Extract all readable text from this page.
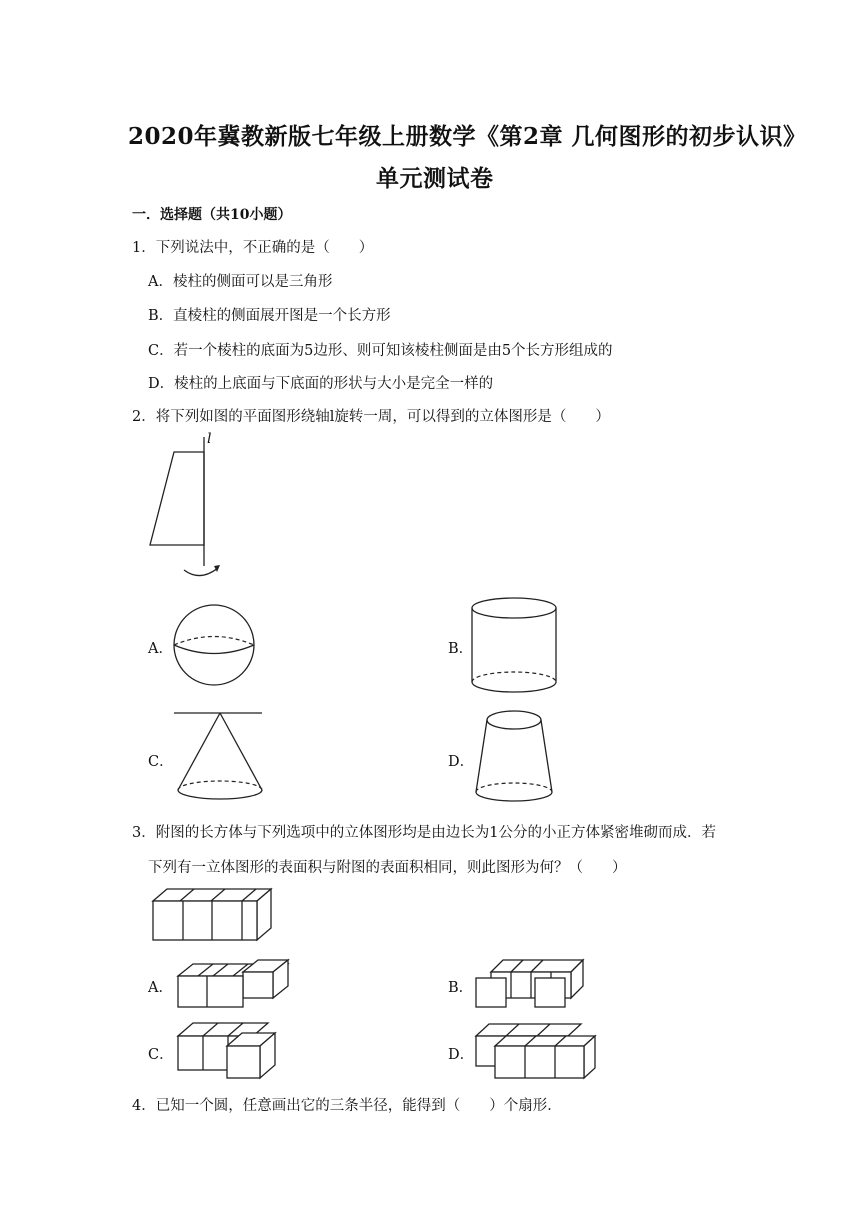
2020年冀教新版七年级上册数学《第2章 几何图形的初步认识》
单元测试卷
一．选择题（共10小题）
1．下列说法中，不正确的是（　　）
A．棱柱的侧面可以是三角形
B．直棱柱的侧面展开图是一个长方形
C．若一个棱柱的底面为5边形、则可知该棱柱侧面是由5个长方形组成的
D．棱柱的上底面与下底面的形状与大小是完全一样的
2．将下列如图的平面图形绕轴l旋转一周，可以得到的立体图形是（　　）
l
A．	B．
C．	D．
3．附图的长方体与下列选项中的立体图形均是由边长为1公分的小正方体紧密堆砌而成．若
下列有一立体图形的表面积与附图的表面积相同，则此图形为何？（　　）
A．	B．
C．	D．
4．已知一个圆，任意画出它的三条半径，能得到（　　）个扇形．
